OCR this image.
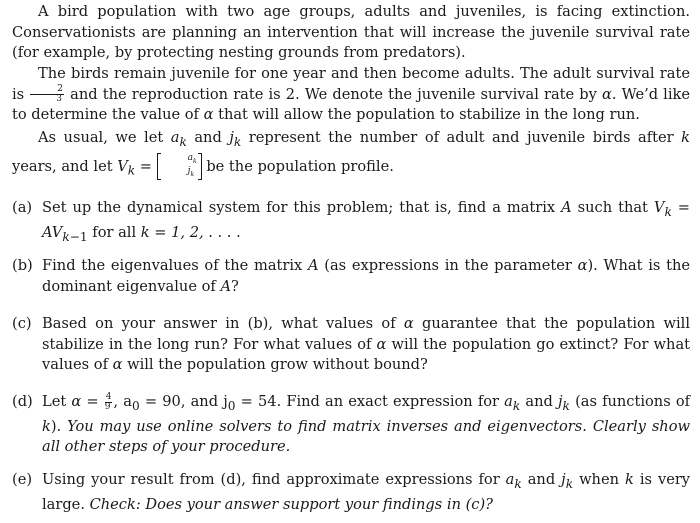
A bird population with two age groups, adults and juveniles, is facing extinction. Conservationists are planning an intervention that will increase the juvenile survival rate (for example, by protecting nesting grounds from predators).
The birds remain juvenile for one year and then become adults. The adult survival rate is $\frac{2}{3}$ and the reproduction rate is 2. We denote the juvenile survival rate by α. We’d like to determine the value of α that will allow the population to stabilize in the long run.
As usual, we let $a_k$ and $j_k$ represent the number of adult and juvenile birds after k years, and let $V_k$ =	$a_k$
$j_k$
be the population profile.
(a) Set up the dynamical system for this problem; that is, find a matrix A such that $V_k = AV_{k-1}$ for all k = 1, 2, . . . .
(b) Find the eigenvalues of the matrix A (as expressions in the parameter α). What is the dominant eigenvalue of A?
(c) Based on your answer in (b), what values of α guarantee that the population will stabilize in the long run? For what values of α will the population go extinct? For what values of α will the population grow without bound?
(d) Let $\alpha = \frac{4}{9}$ , $a_0 = 90$, and $j_0 = 54$. Find an exact expression for $a_k$ and $j_k$ (as functions of k). You may use online solvers to find matrix inverses and eigenvectors. Clearly show all other steps of your procedure.
(e) Using your result from (d), find approximate expressions for $a_k$ and $j_k$ when k is very large. Check: Does your answer support your findings in (c)?
